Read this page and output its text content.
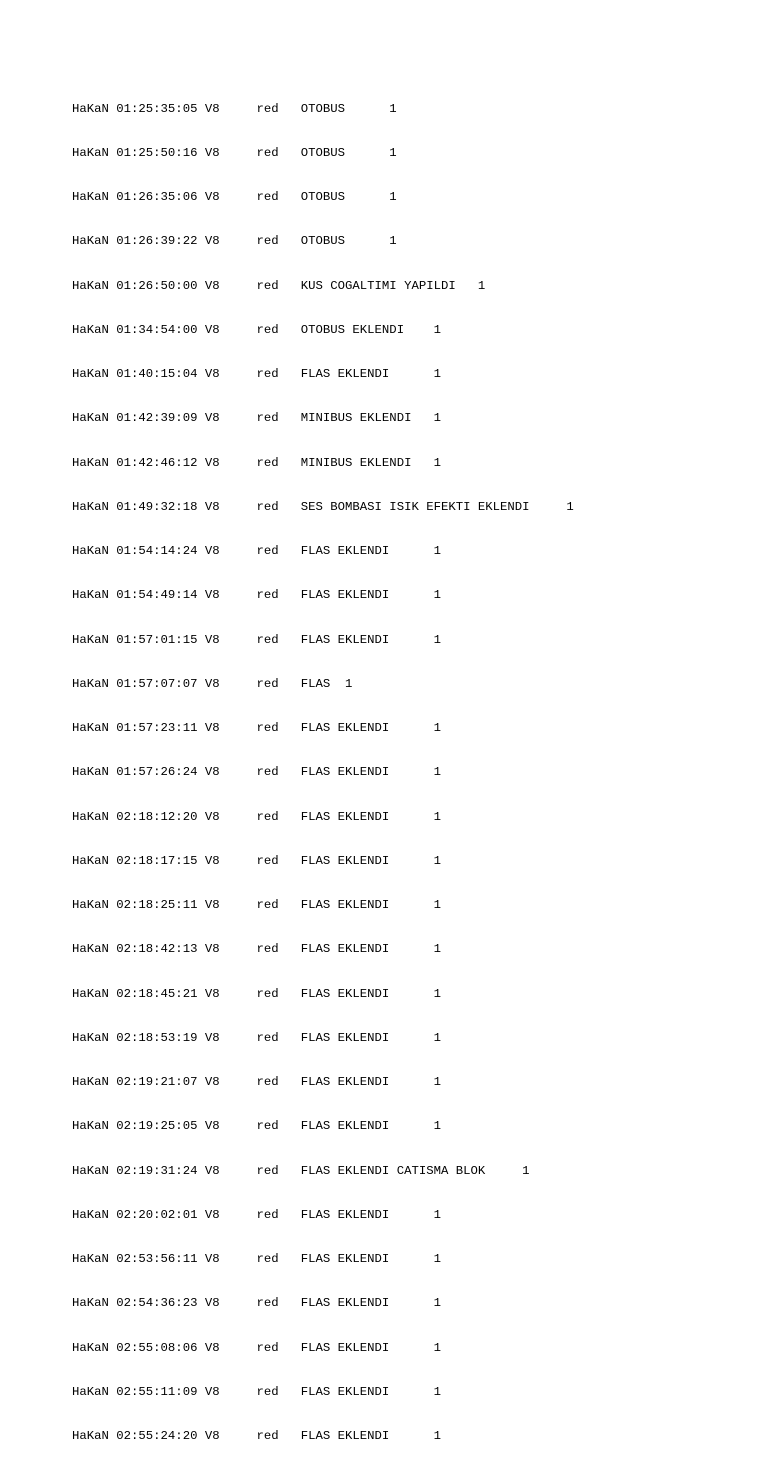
HaKaN 01:25:35:05 V8     red   OTOBUS      1

HaKaN 01:25:50:16 V8     red   OTOBUS      1

HaKaN 01:26:35:06 V8     red   OTOBUS      1

HaKaN 01:26:39:22 V8     red   OTOBUS      1

HaKaN 01:26:50:00 V8     red   KUS COGALTIMI YAPILDI   1

HaKaN 01:34:54:00 V8     red   OTOBUS EKLENDI    1

HaKaN 01:40:15:04 V8     red   FLAS EKLENDI      1

HaKaN 01:42:39:09 V8     red   MINIBUS EKLENDI   1

HaKaN 01:42:46:12 V8     red   MINIBUS EKLENDI   1

HaKaN 01:49:32:18 V8     red   SES BOMBASI ISIK EFEKTI EKLENDI     1

HaKaN 01:54:14:24 V8     red   FLAS EKLENDI      1

HaKaN 01:54:49:14 V8     red   FLAS EKLENDI      1

HaKaN 01:57:01:15 V8     red   FLAS EKLENDI      1

HaKaN 01:57:07:07 V8     red   FLAS  1

HaKaN 01:57:23:11 V8     red   FLAS EKLENDI      1

HaKaN 01:57:26:24 V8     red   FLAS EKLENDI      1

HaKaN 02:18:12:20 V8     red   FLAS EKLENDI      1

HaKaN 02:18:17:15 V8     red   FLAS EKLENDI      1

HaKaN 02:18:25:11 V8     red   FLAS EKLENDI      1

HaKaN 02:18:42:13 V8     red   FLAS EKLENDI      1

HaKaN 02:18:45:21 V8     red   FLAS EKLENDI      1

HaKaN 02:18:53:19 V8     red   FLAS EKLENDI      1

HaKaN 02:19:21:07 V8     red   FLAS EKLENDI      1

HaKaN 02:19:25:05 V8     red   FLAS EKLENDI      1

HaKaN 02:19:31:24 V8     red   FLAS EKLENDI CATISMA BLOK     1

HaKaN 02:20:02:01 V8     red   FLAS EKLENDI      1

HaKaN 02:53:56:11 V8     red   FLAS EKLENDI      1

HaKaN 02:54:36:23 V8     red   FLAS EKLENDI      1

HaKaN 02:55:08:06 V8     red   FLAS EKLENDI      1

HaKaN 02:55:11:09 V8     red   FLAS EKLENDI      1

HaKaN 02:55:24:20 V8     red   FLAS EKLENDI      1
